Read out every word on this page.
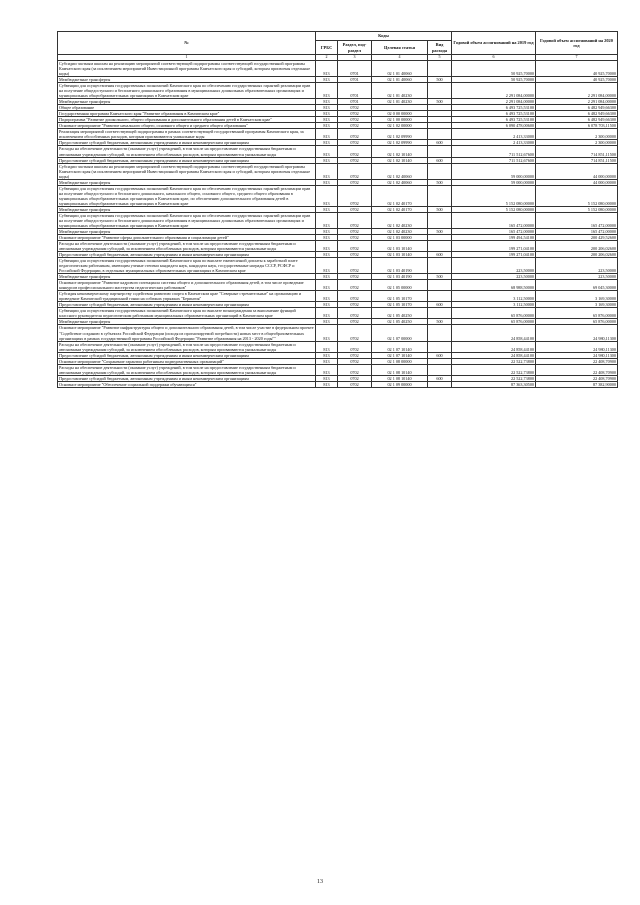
№	Коды				Годовой объем ассигнований на 2019 год	Годовой объем ассигнований на 2020 год	
	ГРБС	Раздел, под-раздел	Целевая статья	Вид расхода			
1	2	3	4	5	6	7	
Субсидии частным школам на реализацию мероприятий соответствующей подпрограммы соответствующей государственной программы Камчатского края (за исключением мероприятий Инвестиционной программы Камчатского края и субсидий, которым присвоены отдельные коды)	813	0701	02 1 01 40060		50 925,70000	40 925,70000	
Межбюджетные трансферты	813	0701	02 1 01 40060	500	50 925,70000	40 925,70000	
Субвенции для осуществления государственных полномочий Камчатского края по обеспечению государственных гарантий реализации прав на получение общедоступного и бесплатного дошкольного образования в муниципальных дошкольных образовательных организациях и муниципальных общеобразовательных организациях в Камчатском крае	813	0701	02 1 01 40230		2 291 084,00000	2 291 084,00000	
Межбюджетные трансферты	813	0701	02 1 01 40230	500	2 291 084,00000	2 291 084,00000	
Общее образование	813	0702			6 493 725,53100	6 482 949,66300	
Государственная программа Камчатского края "Развитие образования в Камчатском крае"	813	0702	02 0 00 00000		6 493 725,53100	6 482 949,66300	
Подпрограмма "Развитие дошкольного, общего образования и дополнительного образования детей в Камчатском крае"	813	0702	02 1 00 00000		6 493 725,53100	6 482 949,66300	
Основное мероприятие "Развитие начального общего, основного общего и среднего общего образования"	813	0702	02 1 02 00000		6 090 478,00600	6 078 703,11500	
Реализация мероприятий соответствующей подпрограммы в рамках соответствующей государственной программы Камчатского края, за исключением обособленных расходов, которым присваиваются уникальные коды	813	0702	02 1 02 09990		2 413,33000	2 300,00000	
Предоставление субсидий бюджетным, автономным учреждениям и иным некоммерческим организациям	813	0702	02 1 02 09990	600	2 413,33000	2 300,00000	
Расходы на обеспечение деятельности (оказание услуг) учреждений, в том числе на предоставление государственным бюджетным и автономным учреждениям субсидий, за исключением обособленных расходов, которым присваиваются уникальные коды	813	0702	02 1 02 10140		711 512,67600	714 851,11500	
Предоставление субсидий бюджетным, автономным учреждениям и иным некоммерческим организациям	813	0702	02 1 02 10140	600	711 512,67600	714 851,11500	
Субсидии частным школам на реализацию мероприятий соответствующей подпрограммы соответствующей государственной программы Камчатского края (за исключением мероприятий Инвестиционной программы Камчатского края и субсидий, которым присвоены отдельные коды)	813	0702	02 1 02 40060		59 000,00000	44 000,00000	
Межбюджетные трансферты	813	0702	02 1 02 40060	500	59 000,00000	44 000,00000	
Субвенции для осуществления государственных полномочий Камчатского края по обеспечению государственных гарантий реализации прав на получение общедоступного и бесплатного дошкольного, начального общего, основного общего, среднего общего образования в муниципальных общеобразовательных организациях в Камчатском крае, по обеспечению дополнительного образования детей в муниципальных общеобразовательных организациях в Камчатском крае	813	0702	02 1 02 40170		5 152 080,00000	5 152 080,00000	
Межбюджетные трансферты	813	0702	02 1 02 40170	500	5 152 080,00000	5 152 080,00000	
Субвенции для осуществления государственных полномочий Камчатского края по обеспечению государственных гарантий реализации прав на получение общедоступного и бесплатного дошкольного образования в муниципальных дошкольных образовательных организациях и муниципальных общеобразовательных организациях в Камчатском крае	813	0702	02 1 02 40230		165 472,00000	165 472,00000	
Межбюджетные трансферты	813	0702	02 1 02 40230	500	165 472,00000	165 472,00000	
Основное мероприятие "Развитие сферы дополнительного образования и социализации детей"	813	0702	02 1 03 00000		199 494,54100	200 429,52600	
Расходы на обеспечение деятельности (оказание услуг) учреждений, в том числе на предоставление государственным бюджетным и автономным учреждениям субсидий, за исключением обособленных расходов, которым присваиваются уникальные коды	813	0702	02 1 03 10140		199 271,04100	200 206,02600	
Предоставление субсидий бюджетным, автономным учреждениям и иным некоммерческим организациям	813	0702	02 1 03 10140	600	199 271,04100	200 206,02600	
Субвенции для осуществления государственных полномочий Камчатского края по выплате ежемесячной доплаты к заработной плате педагогическим работникам, имеющим ученые степени кандидата наук, кандидата наук, государственные награды СССР, РСФСР и Российской Федерации, в отдельных муниципальных образовательных организациях в Камчатском крае	813	0702	02 1 03 40190		223,50000	223,50000	
Межбюджетные трансферты	813	0702	02 1 03 40190	500	223,50000	223,50000	
Основное мероприятие "Развитие кадрового потенциала системы общего и дополнительного образования детей, в том числе проведение конкурсов профессионального мастерства педагогических работников"	813	0702	02 1 05 00000		68 988,50000	69 045,30000	
Субсидия некоммерческому партнерству содействия развитию спорта в Камчатском крае "Северные стремительные" на организацию и проведение Камчатской традиционной гонки на собачьих упряжках "Берингия"	813	0702	02 1 05 10170		3 112,50000	3 169,30000	
Предоставление субсидий бюджетным, автономным учреждениям и иным некоммерческим организациям	813	0702	02 1 05 10170	600	3 112,50000	3 169,30000	
Субвенции для осуществления государственных полномочий Камчатского края по выплате вознаграждения за выполнение функций классного руководителя педагогическим работникам муниципальных образовательных организаций в Камчатском крае	813	0702	02 1 05 40250		65 876,00000	65 876,00000	
Межбюджетные трансферты	813	0702	02 1 05 40250	500	65 876,00000	65 876,00000	
Основное мероприятие "Развитие инфраструктуры общего и дополнительного образования детей, в том числе участие в федеральном проекте "Содействие созданию в субъектах Российской Федерации (исходя из прогнозируемой потребности) новых мест в общеобразовательных организациях в рамках государственной программы Российской Федерации "Развитие образования на 2013 - 2020 годы""	813	0702	02 1 07 00000		24 858,44100	24 980,11300	
Расходы на обеспечение деятельности (оказание услуг) учреждений, в том числе на предоставление государственным бюджетным и автономным учреждениям субсидий, за исключением обособленных расходов, которым присваиваются уникальные коды	813	0702	02 1 07 10140		24 858,44100	24 980,11300	
Предоставление субсидий бюджетным, автономным учреждениям и иным некоммерческим организациям	813	0702	02 1 07 10140	600	24 858,44100	24 980,11300	
Основное мероприятие "Сохранение гарантии работникам подведомственных организаций"	813	0702	02 1 08 00000		22 522,73800	22 408,70900	
Расходы на обеспечение деятельности (оказание услуг) учреждений, в том числе на предоставление государственным бюджетным и автономным учреждениям субсидий, за исключением обособленных расходов, которым присваиваются уникальные коды	813	0702	02 1 08 10140		22 522,73800	22 408,70900	
Предоставление субсидий бюджетным, автономным учреждениям и иным некоммерческим организациям	813	0702	02 1 08 10140	600	22 522,73800	22 408,70900	
Основное мероприятие "Обеспечение социальной поддержки обучающихся"	813	0702	02 1 09 00000		87 363,30500	87 382,90000	
13
